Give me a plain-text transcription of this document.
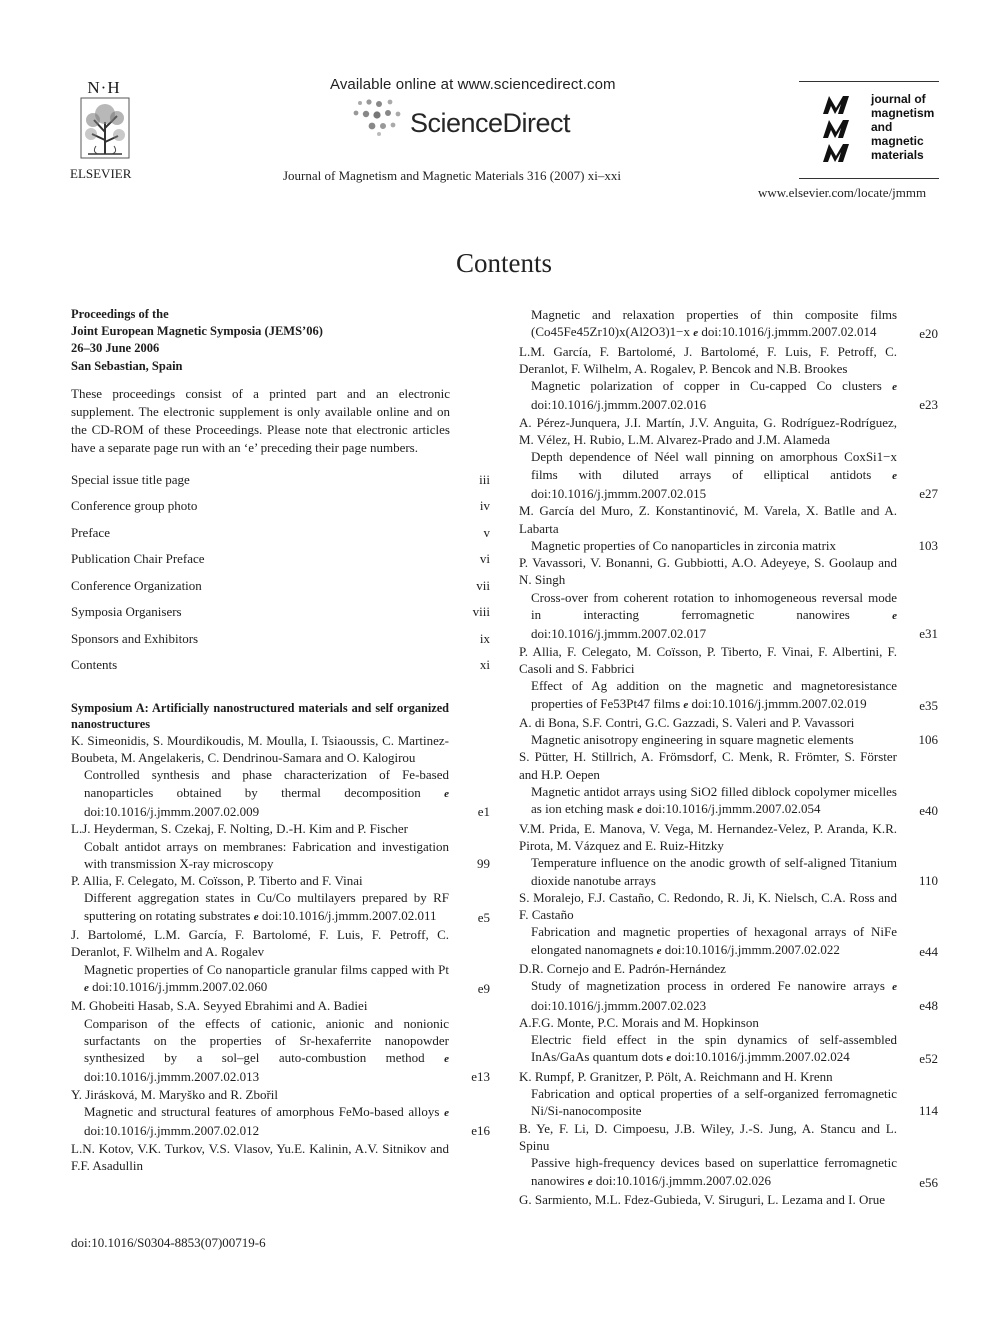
N·H
ELSEVIER
Available online at www.sciencedirect.com
ScienceDirect
Journal of Magnetism and Magnetic Materials 316 (2007) xi–xxi
journal of
magnetism
and
magnetic
materials
www.elsevier.com/locate/jmmm
Contents
Proceedings of the
Joint European Magnetic Symposia (JEMS’06)
26–30 June 2006
San Sebastian, Spain
These proceedings consist of a printed part and an electronic supplement. The electronic supplement is only available online and on the CD-ROM of these Proceedings. Please note that electronic articles have a separate page run with an ‘e’ preceding their page numbers.
Special issue title page	iii
Conference group photo	iv
Preface	v
Publication Chair Preface	vi
Conference Organization	vii
Symposia Organisers	viii
Sponsors and Exhibitors	ix
Contents	xi
Symposium A: Artificially nanostructured materials and self organized nanostructures
K. Simeonidis, S. Mourdikoudis, M. Moulla, I. Tsiaoussis, C. Martinez-Boubeta, M. Angelakeris, C. Dendrinou-Samara and O. Kalogirou
Controlled synthesis and phase characterization of Fe-based nanoparticles obtained by thermal decomposition e doi:10.1016/j.jmmm.2007.02.009	e1
L.J. Heyderman, S. Czekaj, F. Nolting, D.-H. Kim and P. Fischer
Cobalt antidot arrays on membranes: Fabrication and investigation with transmission X-ray microscopy	99
P. Allia, F. Celegato, M. Coïsson, P. Tiberto and F. Vinai
Different aggregation states in Cu/Co multilayers prepared by RF sputtering on rotating substrates e doi:10.1016/j.jmmm.2007.02.011	e5
J. Bartolomé, L.M. García, F. Bartolomé, F. Luis, F. Petroff, C. Deranlot, F. Wilhelm and A. Rogalev
Magnetic properties of Co nanoparticle granular films capped with Pt e doi:10.1016/j.jmmm.2007.02.060	e9
M. Ghobeiti Hasab, S.A. Seyyed Ebrahimi and A. Badiei
Comparison of the effects of cationic, anionic and nonionic surfactants on the properties of Sr-hexaferrite nanopowder synthesized by a sol–gel auto-combustion method e doi:10.1016/j.jmmm.2007.02.013	e13
Y. Jirásková, M. Maryško and R. Zbořil
Magnetic and structural features of amorphous FeMo-based alloys e doi:10.1016/j.jmmm.2007.02.012	e16
L.N. Kotov, V.K. Turkov, V.S. Vlasov, Yu.E. Kalinin, A.V. Sitnikov and F.F. Asadullin
Magnetic and relaxation properties of thin composite films (Co45Fe45Zr10)x(Al2O3)1−x e doi:10.1016/j.jmmm.2007.02.014	e20
L.M. García, F. Bartolomé, J. Bartolomé, F. Luis, F. Petroff, C. Deranlot, F. Wilhelm, A. Rogalev, P. Bencok and N.B. Brookes
Magnetic polarization of copper in Cu-capped Co clusters e doi:10.1016/j.jmmm.2007.02.016	e23
A. Pérez-Junquera, J.I. Martín, J.V. Anguita, G. Rodríguez-Rodríguez, M. Vélez, H. Rubio, L.M. Alvarez-Prado and J.M. Alameda
Depth dependence of Néel wall pinning on amorphous CoxSi1−x films with diluted arrays of elliptical antidots e doi:10.1016/j.jmmm.2007.02.015	e27
M. García del Muro, Z. Konstantinović, M. Varela, X. Batlle and A. Labarta
Magnetic properties of Co nanoparticles in zirconia matrix	103
P. Vavassori, V. Bonanni, G. Gubbiotti, A.O. Adeyeye, S. Goolaup and N. Singh
Cross-over from coherent rotation to inhomogeneous reversal mode in interacting ferromagnetic nanowires	e doi:10.1016/j.jmmm.2007.02.017	e31
P. Allia, F. Celegato, M. Coïsson, P. Tiberto, F. Vinai, F. Albertini, F. Casoli and S. Fabbrici
Effect of Ag addition on the magnetic and magnetoresistance properties of Fe53Pt47 films e doi:10.1016/j.jmmm.2007.02.019	e35
A. di Bona, S.F. Contri, G.C. Gazzadi, S. Valeri and P. Vavassori
Magnetic anisotropy engineering in square magnetic elements	106
S. Pütter, H. Stillrich, A. Frömsdorf, C. Menk, R. Frömter, S. Förster and H.P. Oepen
Magnetic antidot arrays using SiO2 filled diblock copolymer micelles as ion etching mask e doi:10.1016/j.jmmm.2007.02.054	e40
V.M. Prida, E. Manova, V. Vega, M. Hernandez-Velez, P. Aranda, K.R. Pirota, M. Vázquez and E. Ruiz-Hitzky
Temperature influence on the anodic growth of self-aligned Titanium dioxide nanotube arrays	110
S. Moralejo, F.J. Castaño, C. Redondo, R. Ji, K. Nielsch, C.A. Ross and F. Castaño
Fabrication and magnetic properties of hexagonal arrays of NiFe elongated nanomagnets e doi:10.1016/j.jmmm.2007.02.022	e44
D.R. Cornejo and E. Padrón-Hernández
Study of magnetization process in ordered Fe nanowire arrays e doi:10.1016/j.jmmm.2007.02.023	e48
A.F.G. Monte, P.C. Morais and M. Hopkinson
Electric field effect in the spin dynamics of self-assembled InAs/GaAs quantum dots e doi:10.1016/j.jmmm.2007.02.024	e52
K. Rumpf, P. Granitzer, P. Pölt, A. Reichmann and H. Krenn
Fabrication and optical properties of a self-organized ferromagnetic Ni/Si-nanocomposite	114
B. Ye, F. Li, D. Cimpoesu, J.B. Wiley, J.-S. Jung, A. Stancu and L. Spinu
Passive high-frequency devices based on superlattice ferromagnetic nanowires e doi:10.1016/j.jmmm.2007.02.026	e56
G. Sarmiento, M.L. Fdez-Gubieda, V. Siruguri, L. Lezama and I. Orue
doi:10.1016/S0304-8853(07)00719-6
